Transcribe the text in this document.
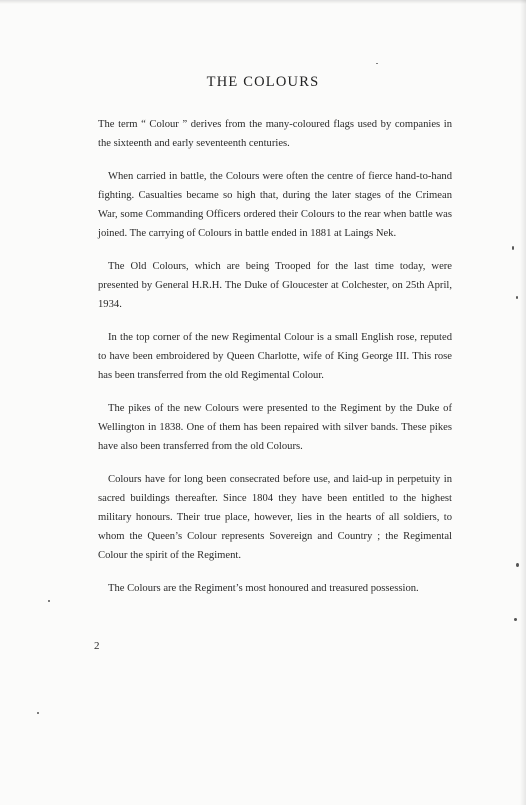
THE COLOURS

The term “ Colour ” derives from the many-coloured flags used by companies in the sixteenth and early seventeenth centuries.

When carried in battle, the Colours were often the centre of fierce hand-to-hand fighting. Casualties became so high that, during the later stages of the Crimean War, some Commanding Officers ordered their Colours to the rear when battle was joined. The carrying of Colours in battle ended in 1881 at Laings Nek.

The Old Colours, which are being Trooped for the last time today, were presented by General H.R.H. The Duke of Gloucester at Colchester, on 25th April, 1934.

In the top corner of the new Regimental Colour is a small English rose, reputed to have been embroidered by Queen Charlotte, wife of King George III. This rose has been transferred from the old Regimental Colour.

The pikes of the new Colours were presented to the Regiment by the Duke of Wellington in 1838. One of them has been repaired with silver bands. These pikes have also been transferred from the old Colours.

Colours have for long been consecrated before use, and laid-up in perpetuity in sacred buildings thereafter. Since 1804 they have been entitled to the highest military honours. Their true place, however, lies in the hearts of all soldiers, to whom the Queen’s Colour represents Sovereign and Country ; the Regimental Colour the spirit of the Regiment.

The Colours are the Regiment’s most honoured and treasured possession.

2
